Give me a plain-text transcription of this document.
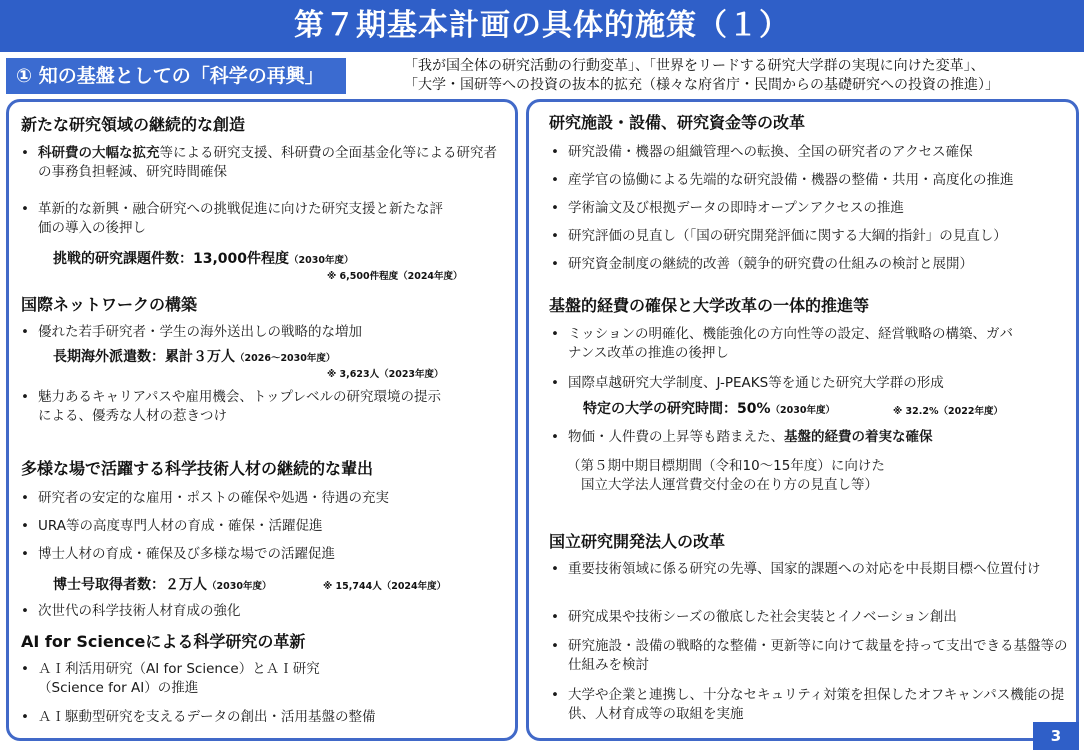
第７期基本計画の具体的施策（１）
① 知の基盤としての「科学の再興」	「我が国全体の研究活動の行動変革」、「世界をリードする研究大学群の実現に向けた変革」、
「大学・国研等への投資の抜本的拡充（様々な府省庁・民間からの基礎研究への投資の推進）」
新たな研究領域の継続的な創造
• 科研費の大幅な拡充等による研究支援、科研費の全面基金化等による研究者の事務負担軽減、研究時間確保
• 革新的な新興・融合研究への挑戦促進に向けた研究支援と新たな評価の導入の後押し
挑戦的研究課題件数：13,000件程度（2030年度）
※ 6,500件程度（2024年度）
国際ネットワークの構築
• 優れた若手研究者・学生の海外送出しの戦略的な増加
長期海外派遣数：累計３万人（2026〜2030年度）
※ 3,623人（2023年度）
• 魅力あるキャリアパスや雇用機会、トップレベルの研究環境の提示による、優秀な人材の惹きつけ
多様な場で活躍する科学技術人材の継続的な輩出
• 研究者の安定的な雇用・ポストの確保や処遇・待遇の充実
• URA等の高度専門人材の育成・確保・活躍促進
• 博士人材の育成・確保及び多様な場での活躍促進
博士号取得者数：２万人（2030年度）	※ 15,744人（2024年度）
• 次世代の科学技術人材育成の強化
AI for Scienceによる科学研究の革新
• ＡＩ利活用研究（AI for Science）とＡＩ研究（Science for AI）の推進
• ＡＩ駆動型研究を支えるデータの創出・活用基盤の整備
研究施設・設備、研究資金等の改革
• 研究設備・機器の組織管理への転換、全国の研究者のアクセス確保
• 産学官の協働による先端的な研究設備・機器の整備・共用・高度化の推進
• 学術論文及び根拠データの即時オープンアクセスの推進
• 研究評価の見直し（「国の研究開発評価に関する大綱的指針」の見直し）
• 研究資金制度の継続的改善（競争的研究費の仕組みの検討と展開）
基盤的経費の確保と大学改革の一体的推進等
• ミッションの明確化、機能強化の方向性等の設定、経営戦略の構築、ガバナンス改革の推進の後押し
• 国際卓越研究大学制度、J-PEAKS等を通じた研究大学群の形成
特定の大学の研究時間：50%（2030年度）	※ 32.2%（2022年度）
• 物価・人件費の上昇等も踏まえた、基盤的経費の着実な確保
（第５期中期目標期間（令和10〜15年度）に向けた
国立大学法人運営費交付金の在り方の見直し等）
国立研究開発法人の改革
• 重要技術領域に係る研究の先導、国家的課題への対応を中長期目標へ位置付け
• 研究成果や技術シーズの徹底した社会実装とイノベーション創出
• 研究施設・設備の戦略的な整備・更新等に向けて裁量を持って支出できる基盤等の仕組みを検討
• 大学や企業と連携し、十分なセキュリティ対策を担保したオフキャンパス機能の提供、人材育成等の取組を実施
3
